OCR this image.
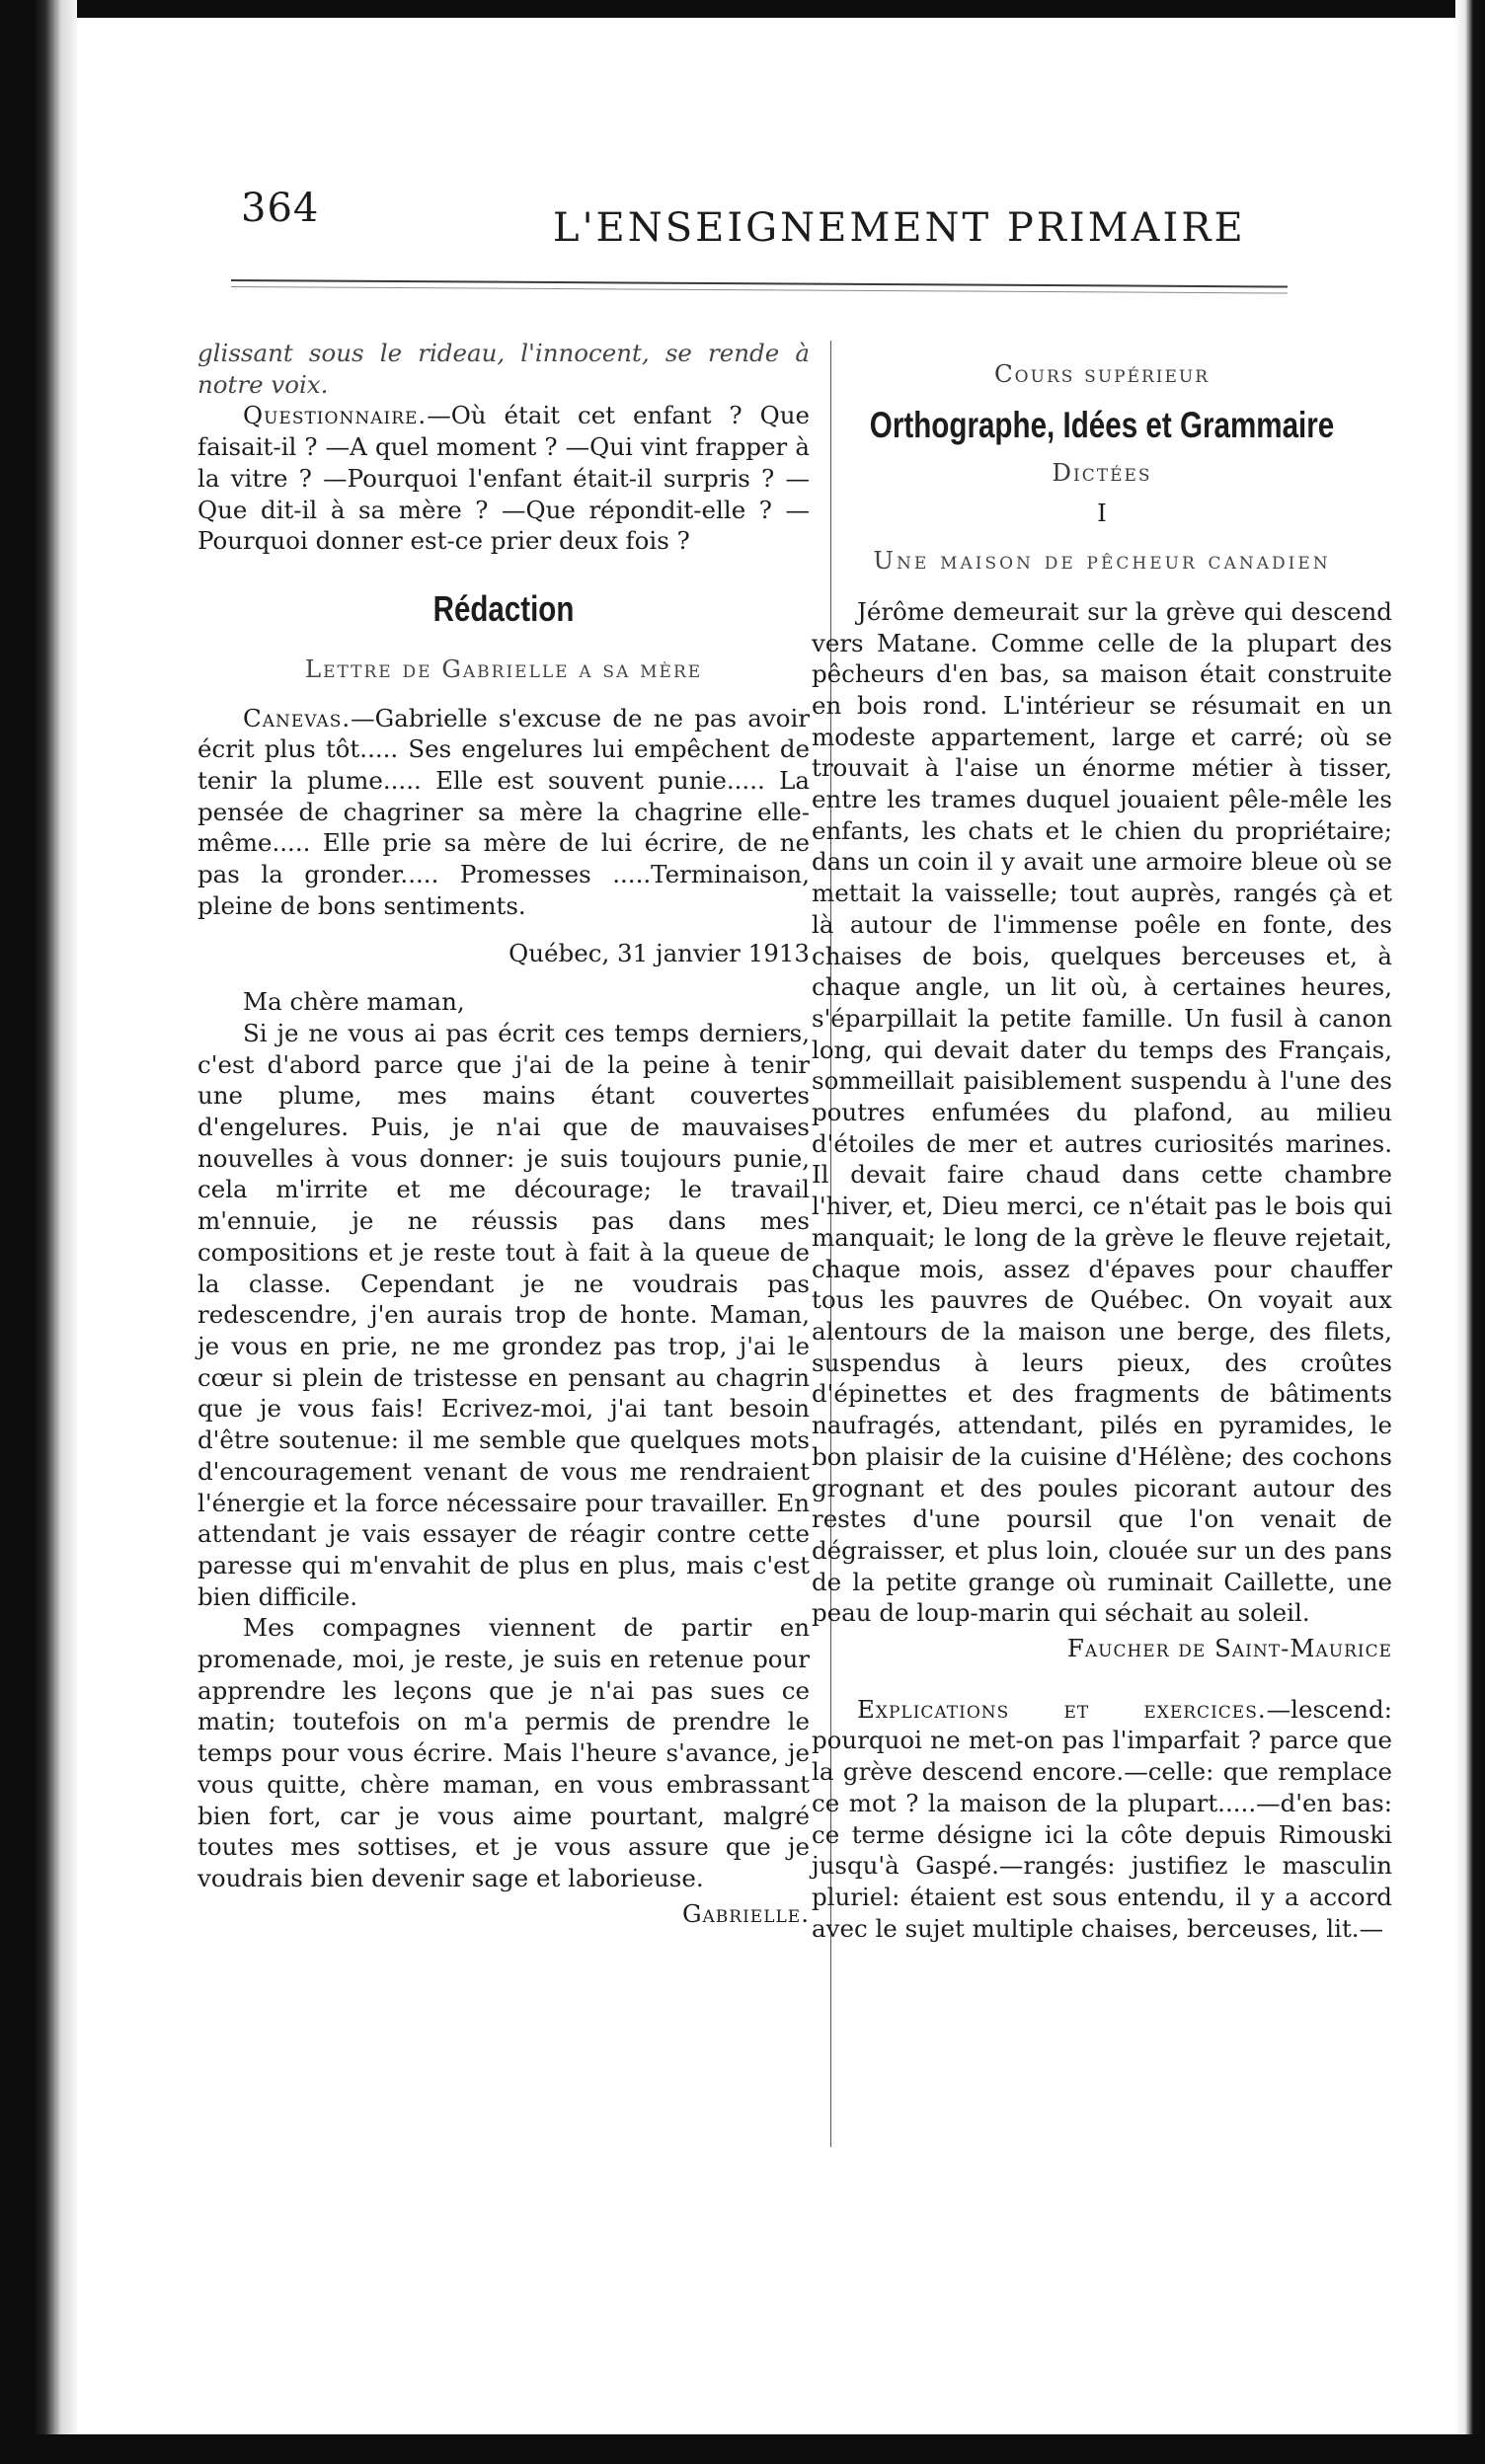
364	L'ENSEIGNEMENT PRIMAIRE

glissant sous le rideau, l'innocent, se rende à notre voix.

Questionnaire.—Où était cet enfant ? Que faisait-il ? —A quel moment ? —Qui vint frapper à la vitre ? —Pourquoi l'enfant était-il surpris ? —Que dit-il à sa mère ? —Que répondit-elle ? —Pourquoi donner est-ce prier deux fois ?

Rédaction

Lettre de Gabrielle a sa mère

Canevas.—Gabrielle s'excuse de ne pas avoir écrit plus tôt..... Ses engelures lui empêchent de tenir la plume..... Elle est souvent punie..... La pensée de chagriner sa mère la chagrine elle-même..... Elle prie sa mère de lui écrire, de ne pas la gronder..... Promesses .....Terminaison, pleine de bons sentiments.

Québec, 31 janvier 1913

Ma chère maman,

Si je ne vous ai pas écrit ces temps derniers, c'est d'abord parce que j'ai de la peine à tenir une plume, mes mains étant couvertes d'engelures. Puis, je n'ai que de mauvaises nouvelles à vous donner: je suis toujours punie, cela m'irrite et me décourage; le travail m'ennuie, je ne réussis pas dans mes compositions et je reste tout à fait à la queue de la classe. Cependant je ne voudrais pas redescendre, j'en aurais trop de honte. Maman, je vous en prie, ne me grondez pas trop, j'ai le cœur si plein de tristesse en pensant au chagrin que je vous fais! Ecrivez-moi, j'ai tant besoin d'être soutenue: il me semble que quelques mots d'encouragement venant de vous me rendraient l'énergie et la force nécessaire pour travailler. En attendant je vais essayer de réagir contre cette paresse qui m'envahit de plus en plus, mais c'est bien difficile.

Mes compagnes viennent de partir en promenade, moi, je reste, je suis en retenue pour apprendre les leçons que je n'ai pas sues ce matin; toutefois on m'a permis de prendre le temps pour vous écrire. Mais l'heure s'avance, je vous quitte, chère maman, en vous embrassant bien fort, car je vous aime pourtant, malgré toutes mes sottises, et je vous assure que je voudrais bien devenir sage et laborieuse.

Gabrielle.

Cours supérieur

Orthographe, Idées et Grammaire

Dictées

I

Une maison de pêcheur canadien

Jérôme demeurait sur la grève qui descend vers Matane. Comme celle de la plupart des pêcheurs d'en bas, sa maison était construite en bois rond. L'intérieur se résumait en un modeste appartement, large et carré; où se trouvait à l'aise un énorme métier à tisser, entre les trames duquel jouaient pêle-mêle les enfants, les chats et le chien du propriétaire; dans un coin il y avait une armoire bleue où se mettait la vaisselle; tout auprès, rangés çà et là autour de l'immense poêle en fonte, des chaises de bois, quelques berceuses et, à chaque angle, un lit où, à certaines heures, s'éparpillait la petite famille. Un fusil à canon long, qui devait dater du temps des Français, sommeillait paisiblement suspendu à l'une des poutres enfumées du plafond, au milieu d'étoiles de mer et autres curiosités marines. Il devait faire chaud dans cette chambre l'hiver, et, Dieu merci, ce n'était pas le bois qui manquait; le long de la grève le fleuve rejetait, chaque mois, assez d'épaves pour chauffer tous les pauvres de Québec. On voyait aux alentours de la maison une berge, des filets, suspendus à leurs pieux, des croûtes d'épinettes et des fragments de bâtiments naufragés, attendant, pilés en pyramides, le bon plaisir de la cuisine d'Hélène; des cochons grognant et des poules picorant autour des restes d'une poursil que l'on venait de dégraisser, et plus loin, clouée sur un des pans de la petite grange où ruminait Caillette, une peau de loup-marin qui séchait au soleil.

Faucher de Saint-Maurice

Explications et exercices.—lescend: pourquoi ne met-on pas l'imparfait ? parce que la grève descend encore.—celle: que remplace ce mot ? la maison de la plupart.....—d'en bas: ce terme désigne ici la côte depuis Rimouski jusqu'à Gaspé.—rangés: justifiez le masculin pluriel: étaient est sous entendu, il y a accord avec le sujet multiple chaises, berceuses, lit.—
